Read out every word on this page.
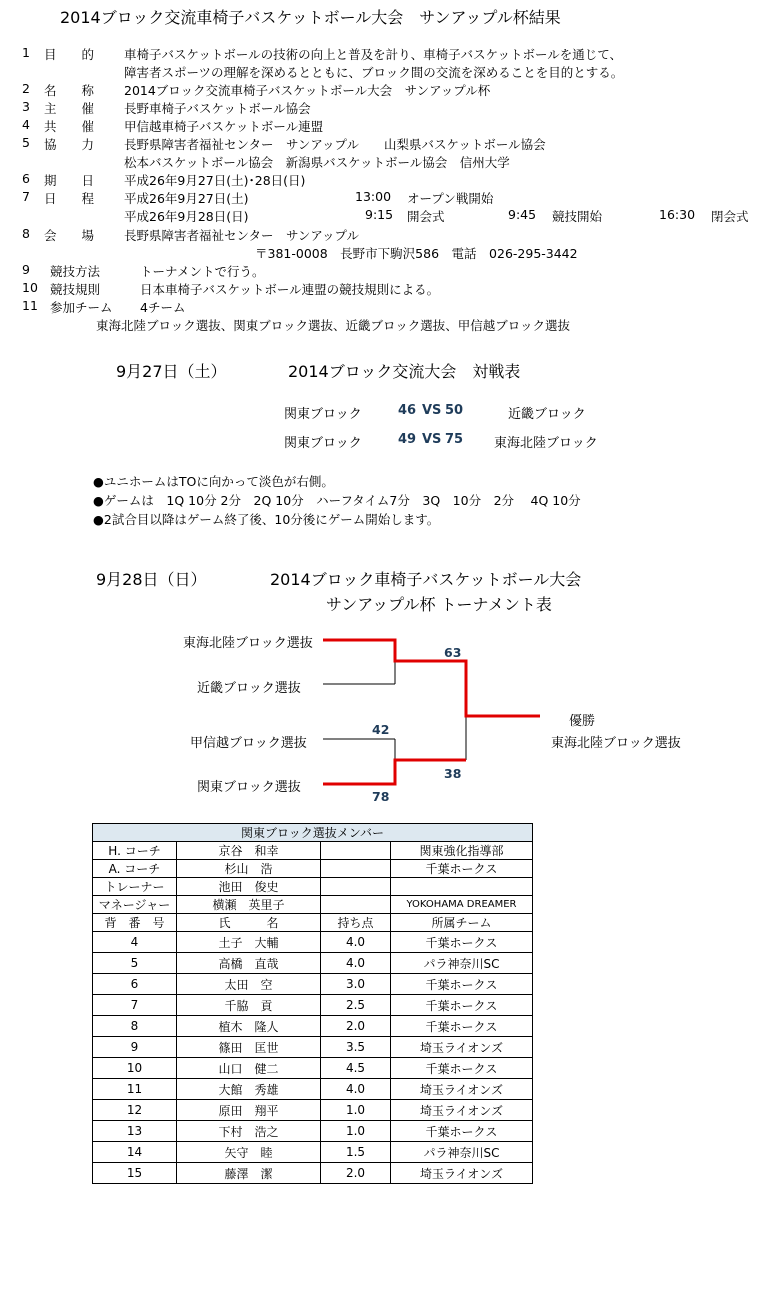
2014ブロック交流車椅子バスケットボール大会　サンアップル杯結果
1 目　　的 車椅子バスケットボールの技術の向上と普及を計り、車椅子バスケットボールを通じて、
障害者スポーツの理解を深めるとともに、ブロック間の交流を深めることを目的とする。
2 名　　称 2014ブロック交流車椅子バスケットボール大会　サンアップル杯
3 主　　催 長野車椅子バスケットボール協会
4 共　　催 甲信越車椅子バスケットボール連盟
5 協　　力 長野県障害者福祉センター　サンアップル　　山梨県バスケットボール協会
松本バスケットボール協会　新潟県バスケットボール協会　信州大学
6 期　　日 平成26年9月27日(土)･28日(日)
7 日　　程 平成26年9月27日(土)	13:00 オープン戦開始
平成26年9月28日(日)	9:15 開会式	9:45 競技開始	16:30 閉会式
8 会　　場 長野県障害者福祉センター　サンアップル
〒381-0008　長野市下駒沢586　電話　026-295-3442
9 競技方法	トーナメントで行う。
10 競技規則	日本車椅子バスケットボール連盟の競技規則による。
11 参加チーム 4チーム
東海北陸ブロック選抜、関東ブロック選抜、近畿ブロック選抜、甲信越ブロック選抜
9月27日（土）	2014ブロック交流大会　対戦表
関東ブロック	46 VS 50	近畿ブロック
関東ブロック	49 VS 75 東海北陸ブロック
●ユニホームはTOに向かって淡色が右側。
●ゲームは　1Q 10分 2分　2Q 10分　ハーフタイム7分　3Q　10分　2分　 4Q 10分
●2試合目以降はゲーム終了後、10分後にゲーム開始します。
9月28日（日）	2014ブロック車椅子バスケットボール大会
サンアップル杯 トーナメント表
東海北陸ブロック選抜
近畿ブロック選抜
甲信越ブロック選抜
関東ブロック選抜
63
42
78
38
優勝
東海北陸ブロック選抜
関東ブロック選抜メンバー			
H. コーチ	京谷　和幸		関東強化指導部
A. コーチ	杉山　浩		千葉ホークス
トレーナー	池田　俊史		
マネージャー	横瀬　英里子		YOKOHAMA DREAMER
背　番　号	氏　　　名	持ち点	所属チーム
4	土子　大輔	4.0	千葉ホークス
5	高橋　直哉	4.0	パラ神奈川SC
6	太田　空	3.0	千葉ホークス
7	千脇　貢	2.5	千葉ホークス
8	植木　隆人	2.0	千葉ホークス
9	篠田　匡世	3.5	埼玉ライオンズ
10	山口　健二	4.5	千葉ホークス
11	大館　秀雄	4.0	埼玉ライオンズ
12	原田　翔平	1.0	埼玉ライオンズ
13	下村　浩之	1.0	千葉ホークス
14	矢守　睦	1.5	パラ神奈川SC
15	藤澤　潔	2.0	埼玉ライオンズ
